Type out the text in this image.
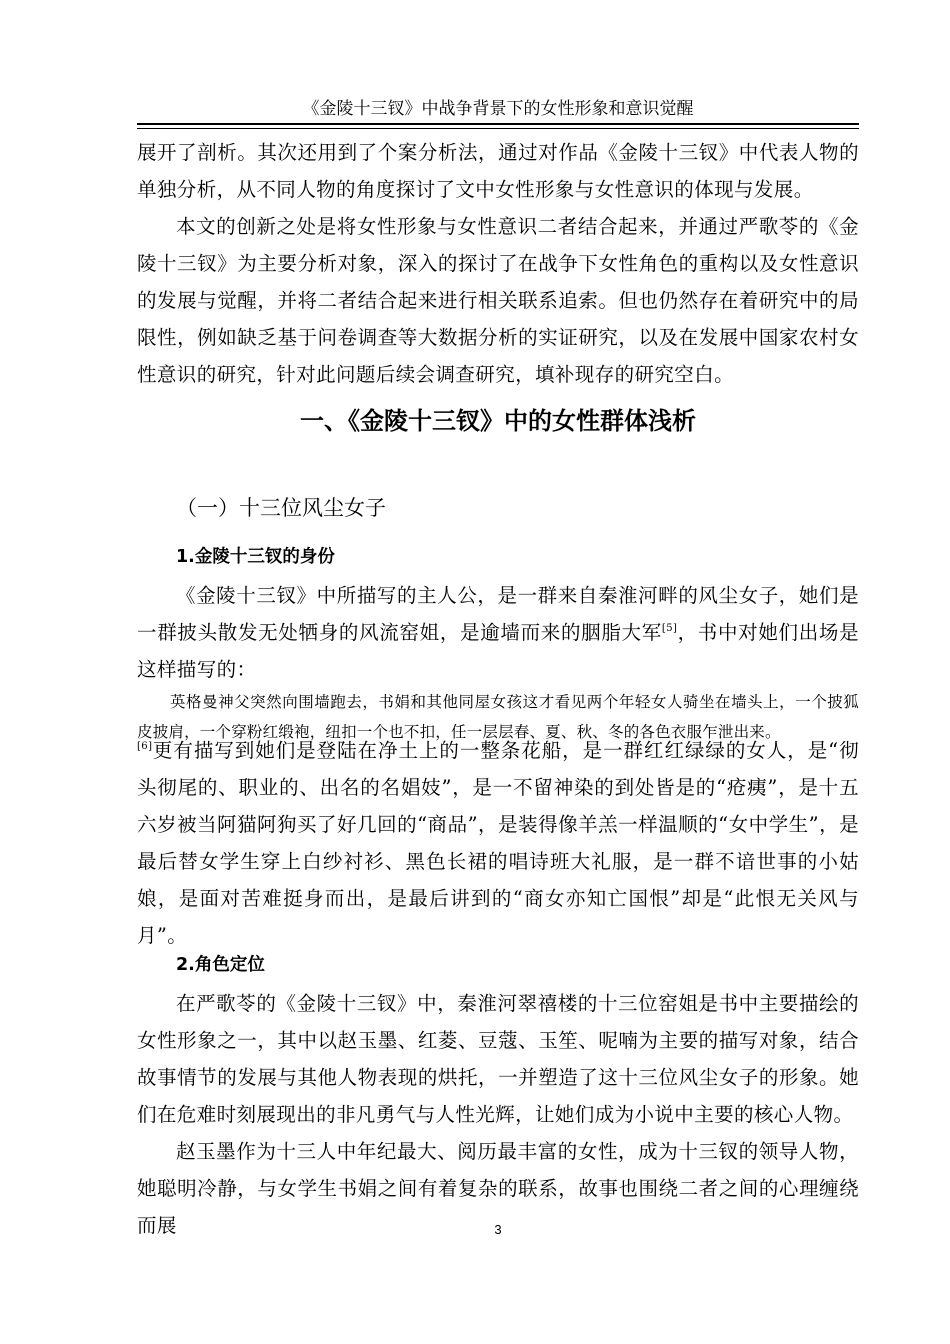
《金陵十三钗》中战争背景下的女性形象和意识觉醒

展开了剖析。其次还用到了个案分析法，通过对作品《金陵十三钗》中代表人物的单独分析，从不同人物的角度探讨了文中女性形象与女性意识的体现与发展。

本文的创新之处是将女性形象与女性意识二者结合起来，并通过严歌苓的《金陵十三钗》为主要分析对象，深入的探讨了在战争下女性角色的重构以及女性意识的发展与觉醒，并将二者结合起来进行相关联系追索。但也仍然存在着研究中的局限性，例如缺乏基于问卷调查等大数据分析的实证研究，以及在发展中国家农村女性意识的研究，针对此问题后续会调查研究，填补现存的研究空白。

一、《金陵十三钗》中的女性群体浅析
（一）十三位风尘女子
1.金陵十三钗的身份

《金陵十三钗》中所描写的主人公，是一群来自秦淮河畔的风尘女子，她们是一群披头散发无处牺身的风流窑姐，是逾墙而来的胭脂大军[5]，书中对她们出场是这样描写的：

英格曼神父突然向围墙跑去，书娟和其他同屋女孩这才看见两个年轻女人骑坐在墙头上，一个披狐皮披肩，一个穿粉红缎袍，纽扣一个也不扣，任一层层春、夏、秋、冬的各色衣服乍泄出来。

[6]更有描写到她们是登陆在净土上的一整条花船，是一群红红绿绿的女人，是“彻头彻尾的、职业的、出名的名娼妓”，是一不留神染的到处皆是的“疮痍”，是十五六岁被当阿猫阿狗买了好几回的“商品”，是装得像羊羔一样温顺的“女中学生”，是最后替女学生穿上白纱衬衫、黑色长裙的唱诗班大礼服，是一群不谙世事的小姑娘，是面对苦难挺身而出，是最后讲到的“商女亦知亡国恨”却是“此恨无关风与月”。

2.角色定位

在严歌苓的《金陵十三钗》中，秦淮河翠禧楼的十三位窑姐是书中主要描绘的女性形象之一，其中以赵玉墨、红菱、豆蔻、玉笙、呢喃为主要的描写对象，结合故事情节的发展与其他人物表现的烘托，一并塑造了这十三位风尘女子的形象。她们在危难时刻展现出的非凡勇气与人性光辉，让她们成为小说中主要的核心人物。

赵玉墨作为十三人中年纪最大、阅历最丰富的女性，成为十三钗的领导人物，她聪明冷静，与女学生书娟之间有着复杂的联系，故事也围绕二者之间的心理缠绕而展	3
